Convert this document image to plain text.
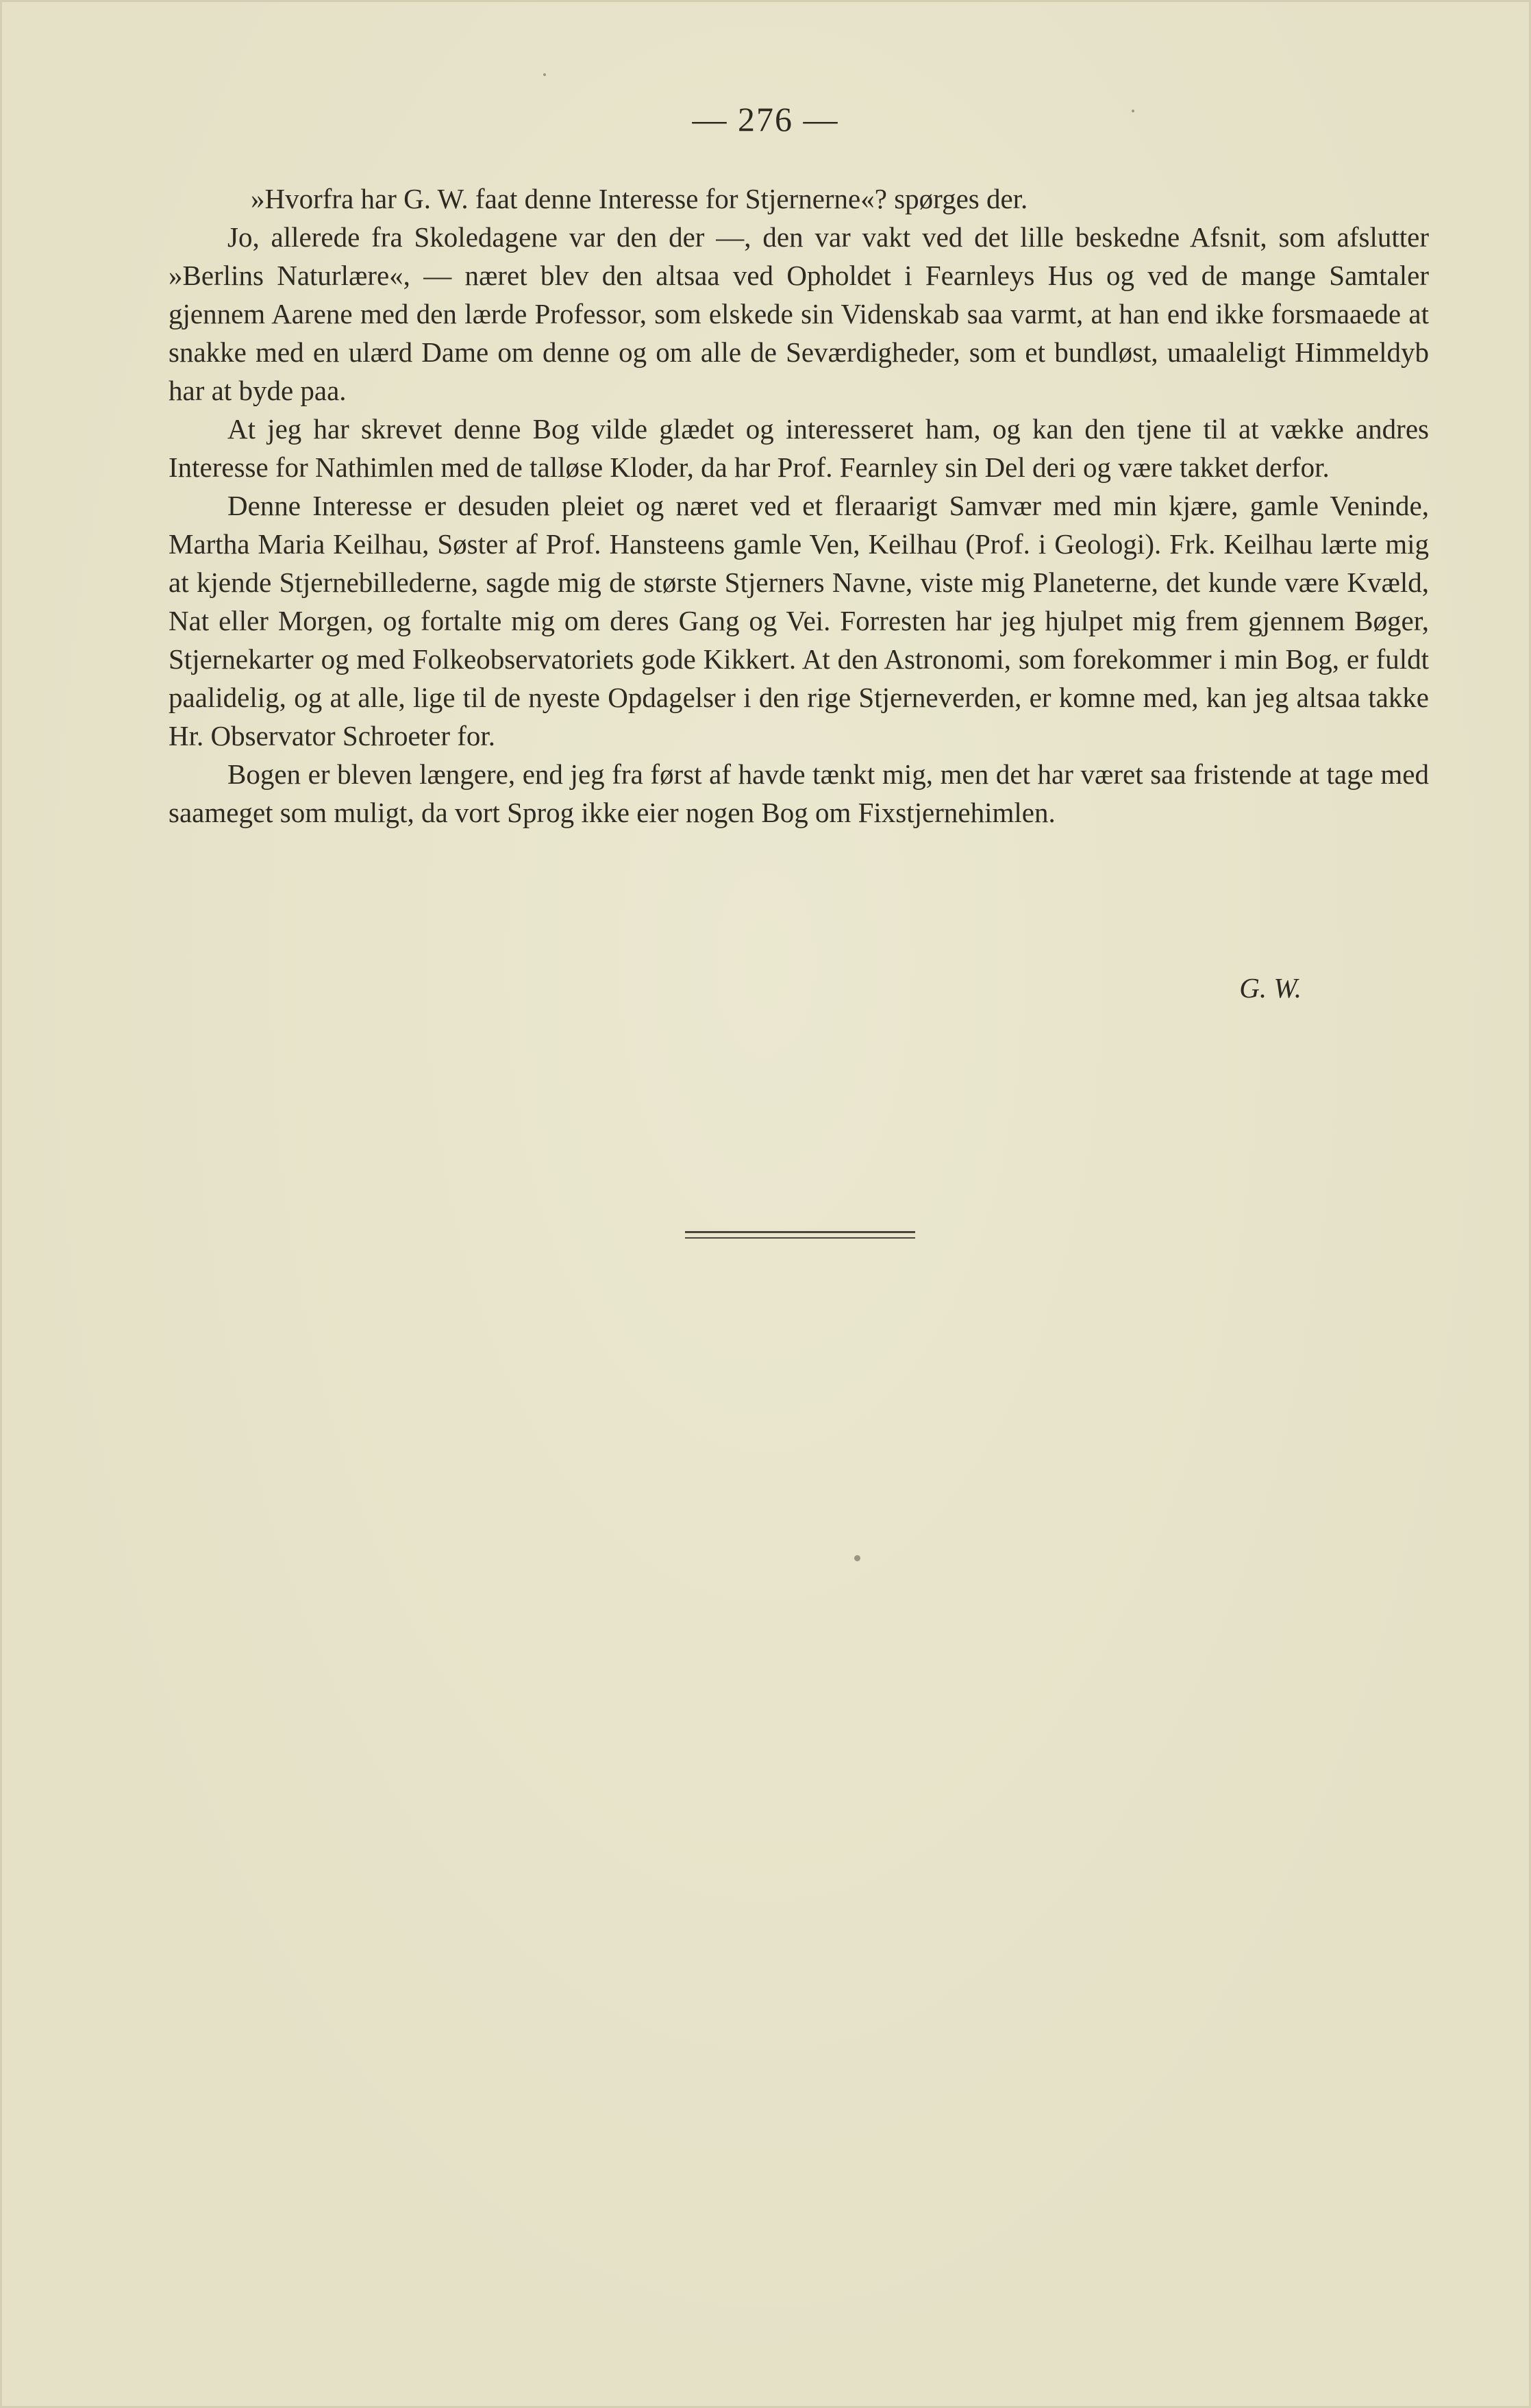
— 276 —

»Hvorfra har G. W. faat denne Interesse for Stjernerne«? spørges der.

Jo, allerede fra Skoledagene var den der —, den var vakt ved det lille beskedne Afsnit, som afslutter »Berlins Naturlære«, — næret blev den altsaa ved Opholdet i Fearnleys Hus og ved de mange Samtaler gjennem Aarene med den lærde Professor, som elskede sin Videnskab saa varmt, at han end ikke forsmaaede at snakke med en ulærd Dame om denne og om alle de Seværdigheder, som et bundløst, umaaleligt Himmeldyb har at byde paa.

At jeg har skrevet denne Bog vilde glædet og interesseret ham, og kan den tjene til at vække andres Interesse for Nathimlen med de talløse Kloder, da har Prof. Fearnley sin Del deri og være takket derfor.

Denne Interesse er desuden pleiet og næret ved et fleraarigt Samvær med min kjære, gamle Veninde, Martha Maria Keilhau, Søster af Prof. Hansteens gamle Ven, Keilhau (Prof. i Geologi). Frk. Keilhau lærte mig at kjende Stjernebillederne, sagde mig de største Stjerners Navne, viste mig Planeterne, det kunde være Kvæld, Nat eller Morgen, og fortalte mig om deres Gang og Vei. Forresten har jeg hjulpet mig frem gjennem Bøger, Stjernekarter og med Folkeobservatoriets gode Kikkert. At den Astronomi, som forekommer i min Bog, er fuldt paalidelig, og at alle, lige til de nyeste Opdagelser i den rige Stjerneverden, er komne med, kan jeg altsaa takke Hr. Observator Schroeter for.

Bogen er bleven længere, end jeg fra først af havde tænkt mig, men det har været saa fristende at tage med saameget som muligt, da vort Sprog ikke eier nogen Bog om Fixstjernehimlen.

G. W.
